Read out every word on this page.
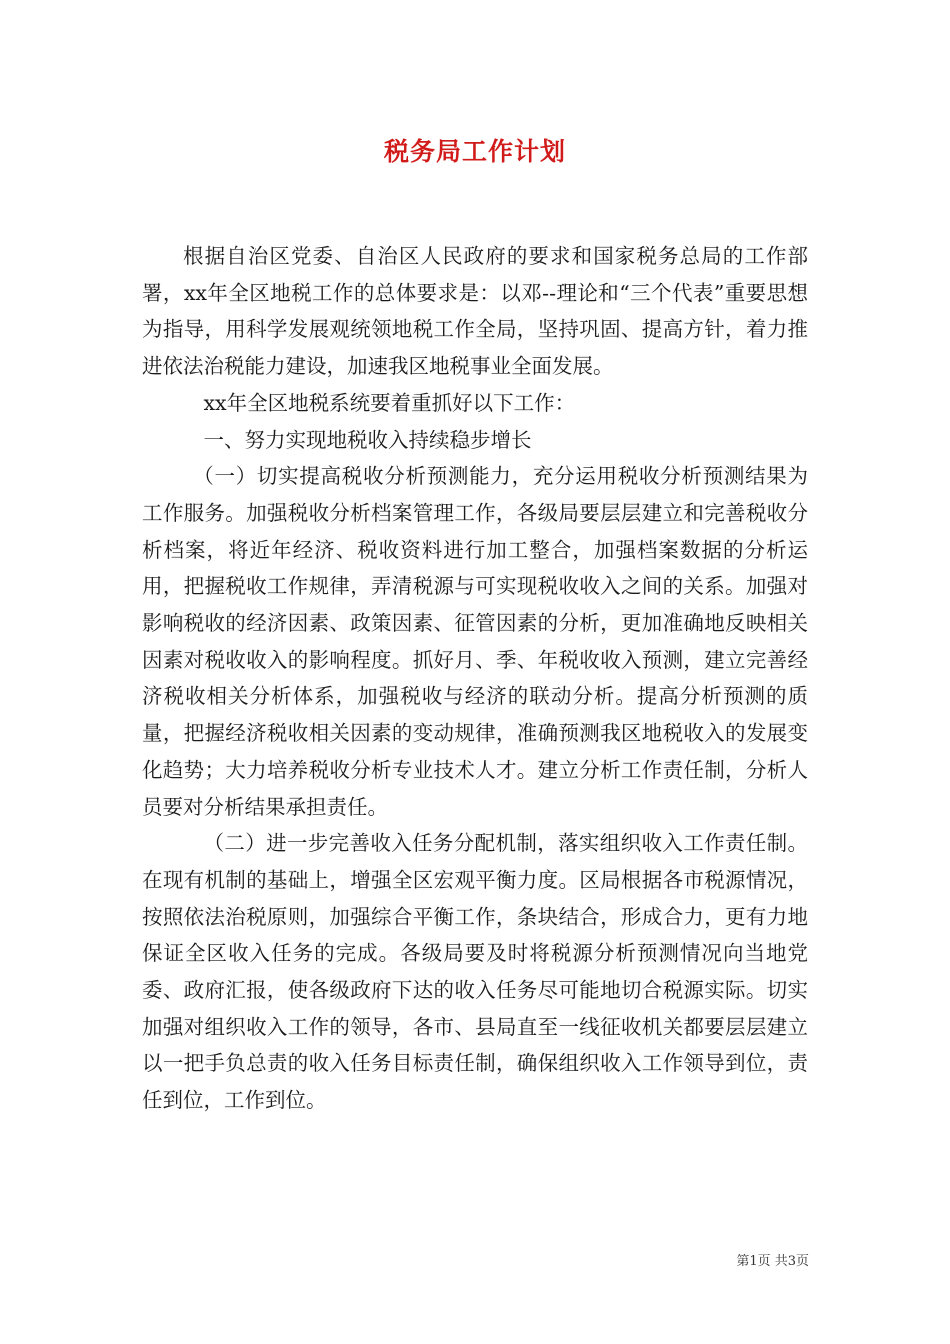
税务局工作计划

根据自治区党委、自治区人民政府的要求和国家税务总局的工作部署，xx年全区地税工作的总体要求是：以邓--理论和“三个代表”重要思想为指导，用科学发展观统领地税工作全局，坚持巩固、提高方针，着力推进依法治税能力建设，加速我区地税事业全面发展。

xx年全区地税系统要着重抓好以下工作：

一、努力实现地税收入持续稳步增长

（一）切实提高税收分析预测能力，充分运用税收分析预测结果为工作服务。加强税收分析档案管理工作，各级局要层层建立和完善税收分析档案，将近年经济、税收资料进行加工整合，加强档案数据的分析运用，把握税收工作规律，弄清税源与可实现税收收入之间的关系。加强对影响税收的经济因素、政策因素、征管因素的分析，更加准确地反映相关因素对税收收入的影响程度。抓好月、季、年税收收入预测，建立完善经济税收相关分析体系，加强税收与经济的联动分析。提高分析预测的质量，把握经济税收相关因素的变动规律，准确预测我区地税收入的发展变化趋势；大力培养税收分析专业技术人才。建立分析工作责任制，分析人员要对分析结果承担责任。

（二）进一步完善收入任务分配机制，落实组织收入工作责任制。在现有机制的基础上，增强全区宏观平衡力度。区局根据各市税源情况，按照依法治税原则，加强综合平衡工作，条块结合，形成合力，更有力地保证全区收入任务的完成。各级局要及时将税源分析预测情况向当地党委、政府汇报，使各级政府下达的收入任务尽可能地切合税源实际。切实加强对组织收入工作的领导，各市、县局直至一线征收机关都要层层建立以一把手负总责的收入任务目标责任制，确保组织收入工作领导到位，责任到位，工作到位。

第1页 共3页
